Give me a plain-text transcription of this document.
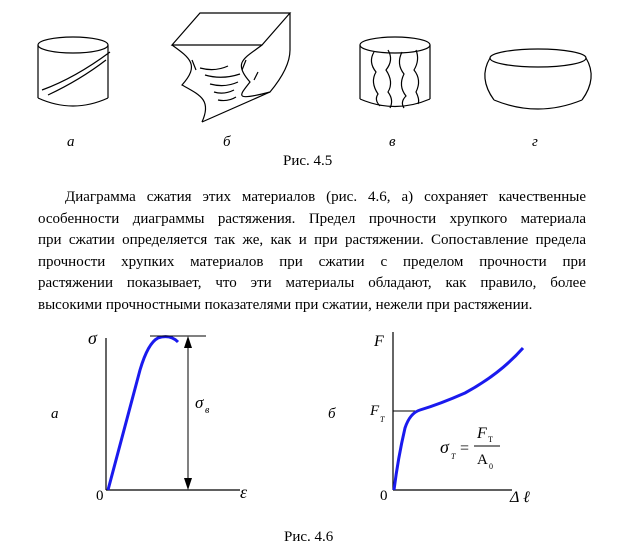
а	б	в	г
Рис. 4.5

Диаграмма сжатия этих материалов (рис. 4.6, а) сохраняет качественные
особенности диаграммы растяжения. Предел прочности хрупкого материала
при сжатии определяется так же, как и при растяжении. Сопоставление предела
прочности хрупких материалов при сжатии с пределом прочности при
растяжении показывает, что эти материалы обладают, как правило, более
высокими прочностными показателями при сжатии, нежели при растяжении.

а
σ
ε
0
σ в	б
F
Δ ℓ
0
F
Т
σ Т =
F Т
A 0
Рис. 4.6
